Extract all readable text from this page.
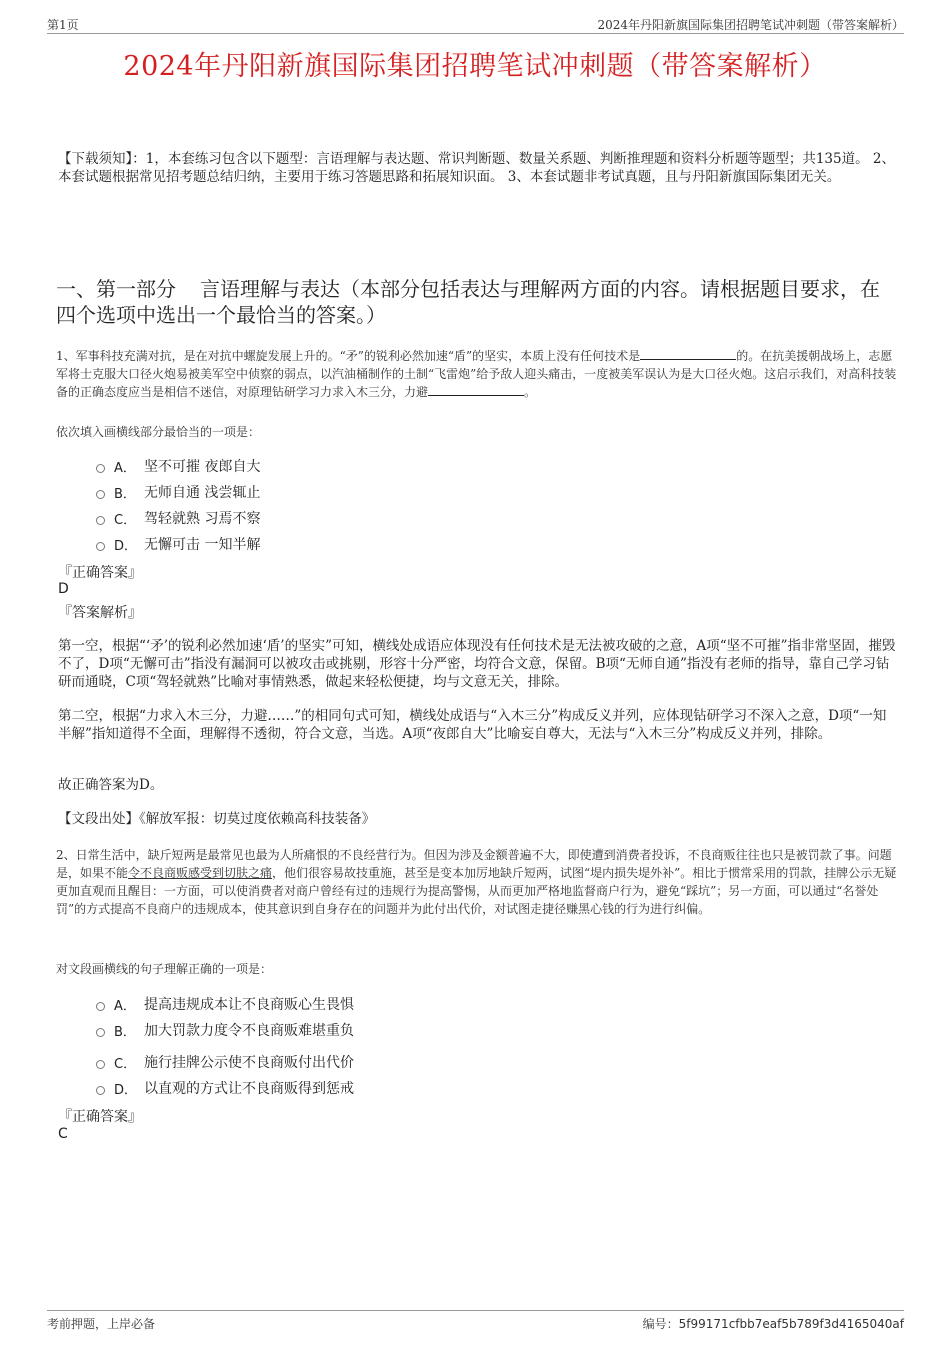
第1页	2024年丹阳新旗国际集团招聘笔试冲刺题（带答案解析）
2024年丹阳新旗国际集团招聘笔试冲刺题（带答案解析）
【下载须知】：1，本套练习包含以下题型：言语理解与表达题、常识判断题、数量关系题、判断推理题和资料分析题等题型；共135道。 2、本套试题根据常见招考题总结归纳，主要用于练习答题思路和拓展知识面。 3、本套试题非考试真题，且与丹阳新旗国际集团无关。
一、第一部分 言语理解与表达（本部分包括表达与理解两方面的内容。请根据题目要求，在四个选项中选出一个最恰当的答案。）
1、军事科技充满对抗，是在对抗中螺旋发展上升的。“矛”的锐利必然加速“盾”的坚实，本质上没有任何技术是	的。在抗美援朝战场上，志愿军将士克服大口径火炮易被美军空中侦察的弱点，以汽油桶制作的土制“飞雷炮”给予敌人迎头痛击，一度被美军误认为是大口径火炮。这启示我们，对高科技装备的正确态度应当是相信不迷信，对原理钻研学习力求入木三分，力避	。
依次填入画横线部分最恰当的一项是：
A． 坚不可摧 夜郎自大
B． 无师自通 浅尝辄止
C． 驾轻就熟 习焉不察
D． 无懈可击 一知半解
『正确答案』
D
『答案解析』
第一空，根据“‘矛’的锐利必然加速‘盾’的坚实”可知，横线处成语应体现没有任何技术是无法被攻破的之意，A项“坚不可摧”指非常坚固，摧毁不了，D项“无懈可击”指没有漏洞可以被攻击或挑剔，形容十分严密，均符合文意，保留。B项“无师自通”指没有老师的指导，靠自己学习钻研而通晓，C项“驾轻就熟”比喻对事情熟悉，做起来轻松便捷，均与文意无关，排除。
第二空，根据“力求入木三分，力避……”的相同句式可知，横线处成语与“入木三分”构成反义并列，应体现钻研学习不深入之意，D项“一知半解”指知道得不全面，理解得不透彻，符合文意，当选。A项“夜郎自大”比喻妄自尊大，无法与“入木三分”构成反义并列，排除。
故正确答案为D。
【文段出处】《解放军报：切莫过度依赖高科技装备》
2、日常生活中，缺斤短两是最常见也最为人所痛恨的不良经营行为。但因为涉及金额普遍不大，即使遭到消费者投诉，不良商贩往往也只是被罚款了事。问题是，如果不能令不良商贩感受到切肤之痛，他们很容易故技重施，甚至是变本加厉地缺斤短两，试图“堤内损失堤外补”。相比于惯常采用的罚款，挂牌公示无疑更加直观而且醒目：一方面，可以使消费者对商户曾经有过的违规行为提高警惕，从而更加严格地监督商户行为，避免“踩坑”；另一方面，可以通过“名誉处罚”的方式提高不良商户的违规成本，使其意识到自身存在的问题并为此付出代价，对试图走捷径赚黑心钱的行为进行纠偏。
对文段画横线的句子理解正确的一项是：
A． 提高违规成本让不良商贩心生畏惧
B． 加大罚款力度令不良商贩难堪重负
C． 施行挂牌公示使不良商贩付出代价
D． 以直观的方式让不良商贩得到惩戒
『正确答案』
C
考前押题，上岸必备	编号：5f99171cfbb7eaf5b789f3d4165040af
